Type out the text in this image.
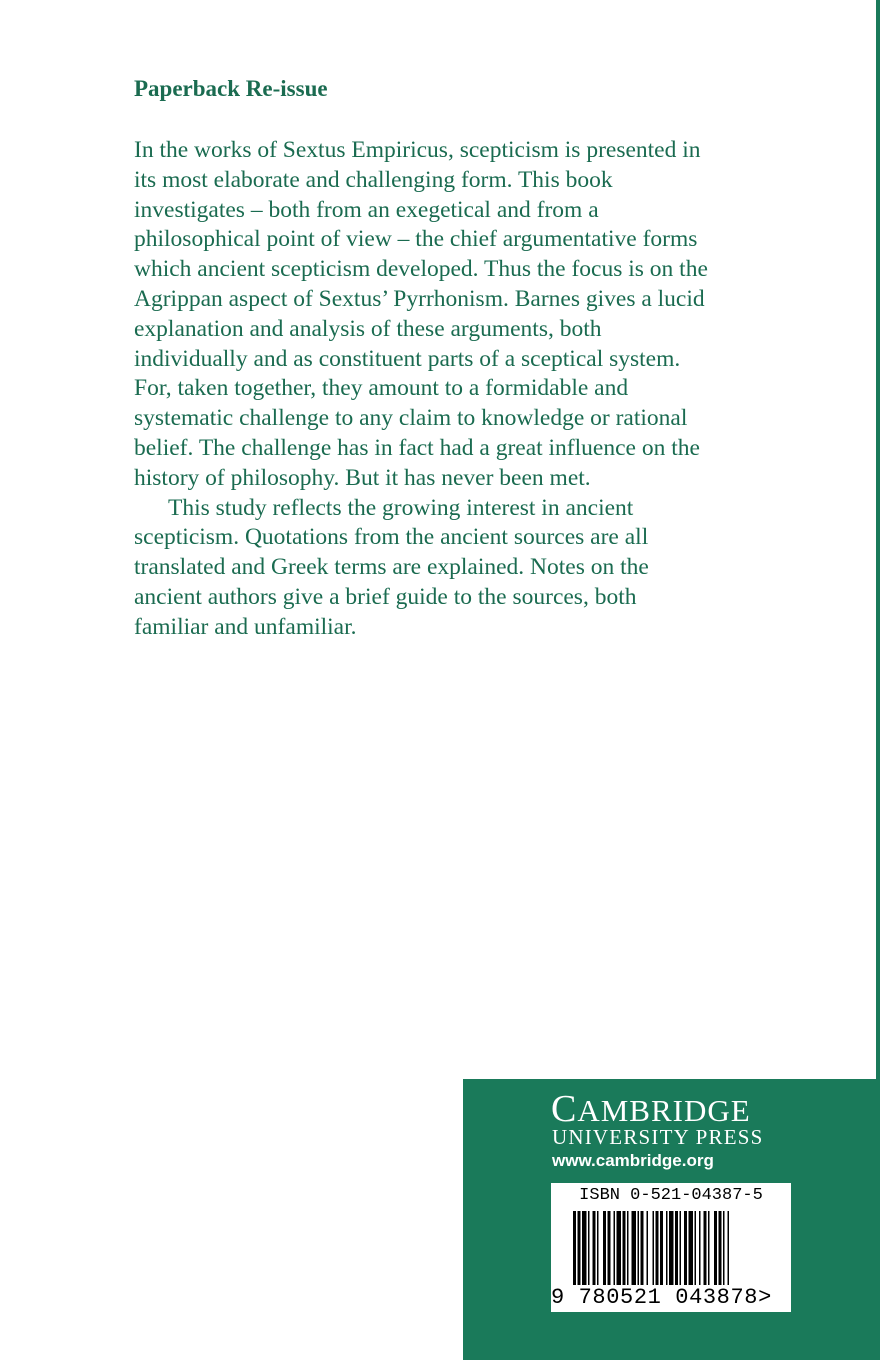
Paperback Re-issue
In the works of Sextus Empiricus, scepticism is presented in
its most elaborate and challenging form. This book
investigates – both from an exegetical and from a
philosophical point of view – the chief argumentative forms
which ancient scepticism developed. Thus the focus is on the
Agrippan aspect of Sextus’ Pyrrhonism. Barnes gives a lucid
explanation and analysis of these arguments, both
individually and as constituent parts of a sceptical system.
For, taken together, they amount to a formidable and
systematic challenge to any claim to knowledge or rational
belief. The challenge has in fact had a great influence on the
history of philosophy. But it has never been met.
This study reflects the growing interest in ancient
scepticism. Quotations from the ancient sources are all
translated and Greek terms are explained. Notes on the
ancient authors give a brief guide to the sources, both
familiar and unfamiliar.
CAMBRIDGE
UNIVERSITY PRESS
www.cambridge.org
ISBN 0-521-04387-5
9 780521 043878>
